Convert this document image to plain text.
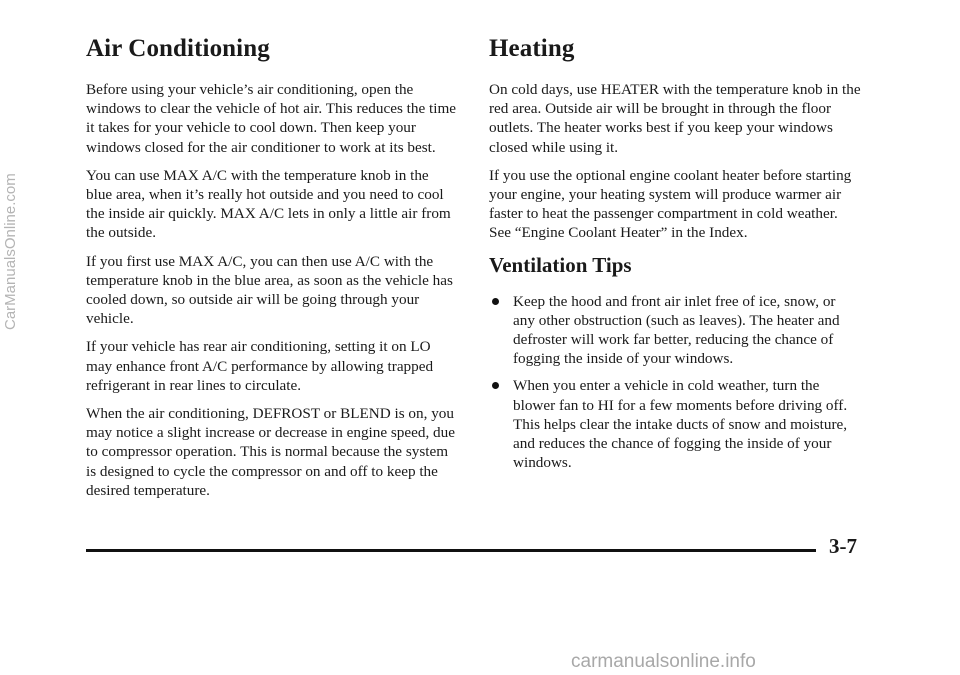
Air Conditioning

Before using your vehicle’s air conditioning, open the windows to clear the vehicle of hot air. This reduces the time it takes for your vehicle to cool down. Then keep your windows closed for the air conditioner to work at its best.

You can use MAX A/C with the temperature knob in the blue area, when it’s really hot outside and you need to cool the inside air quickly. MAX A/C lets in only a little air from the outside.

If you first use MAX A/C, you can then use A/C with the temperature knob in the blue area, as soon as the vehicle has cooled down, so outside air will be going through your vehicle.

If your vehicle has rear air conditioning, setting it on LO may enhance front A/C performance by allowing trapped refrigerant in rear lines to circulate.

When the air conditioning, DEFROST or BLEND is on, you may notice a slight increase or decrease in engine speed, due to compressor operation. This is normal because the system is designed to cycle the compressor on and off to keep the desired temperature.

Heating

On cold days, use HEATER with the temperature knob in the red area. Outside air will be brought in through the floor outlets. The heater works best if you keep your windows closed while using it.

If you use the optional engine coolant heater before starting your engine, your heating system will produce warmer air faster to heat the passenger compartment in cold weather. See “Engine Coolant Heater” in the Index.

Ventilation Tips
Keep the hood and front air inlet free of ice, snow, or any other obstruction (such as leaves). The heater and defroster will work far better, reducing the chance of fogging the inside of your windows.
When you enter a vehicle in cold weather, turn the blower fan to HI for a few moments before driving off. This helps clear the intake ducts of snow and moisture, and reduces the chance of fogging the inside of your windows.
3-7
CarManualsOnline.com
carmanualsonline.info
